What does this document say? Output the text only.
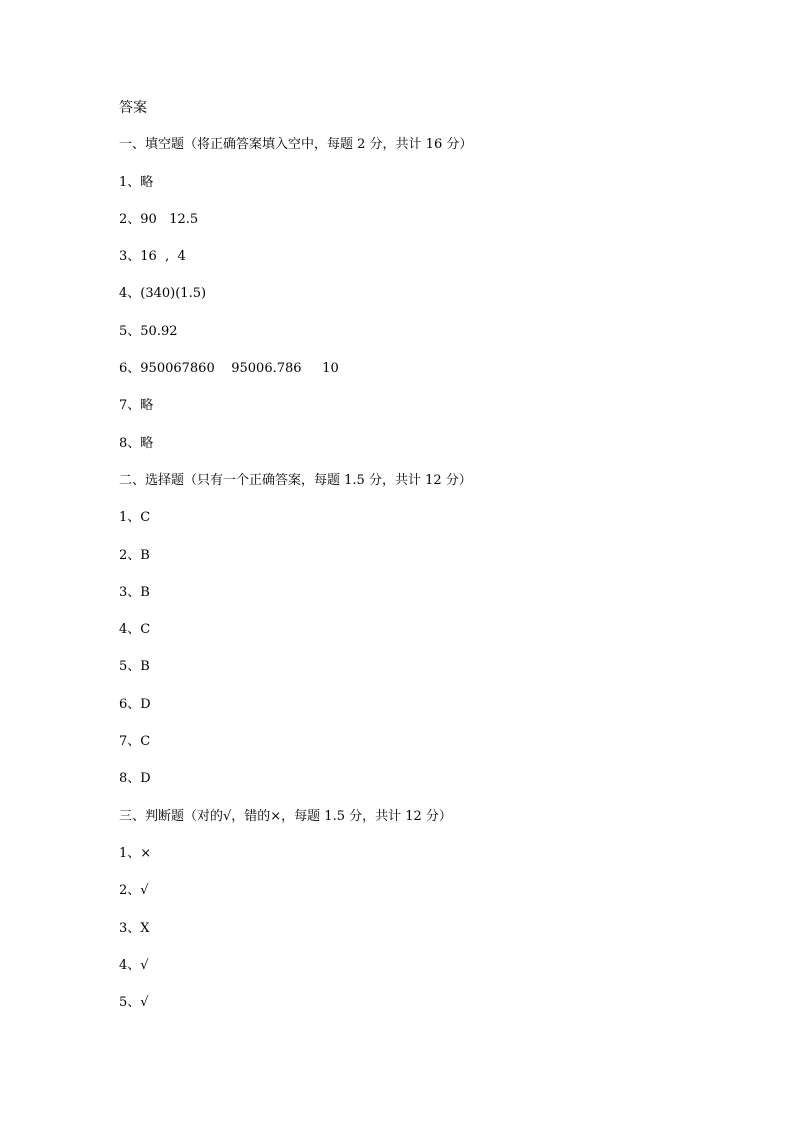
答案
一、填空题（将正确答案填入空中，每题 2 分，共计 16 分）
1、略
2、90   12.5
3、16  ,  4
4、(340)(1.5)
5、50.92
6、950067860    95006.786     10
7、略
8、略
二、选择题（只有一个正确答案，每题 1.5 分，共计 12 分）
1、C
2、B
3、B
4、C
5、B
6、D
7、C
8、D
三、判断题（对的√，错的×，每题 1.5 分，共计 12 分）
1、×
2、√
3、X
4、√
5、√
